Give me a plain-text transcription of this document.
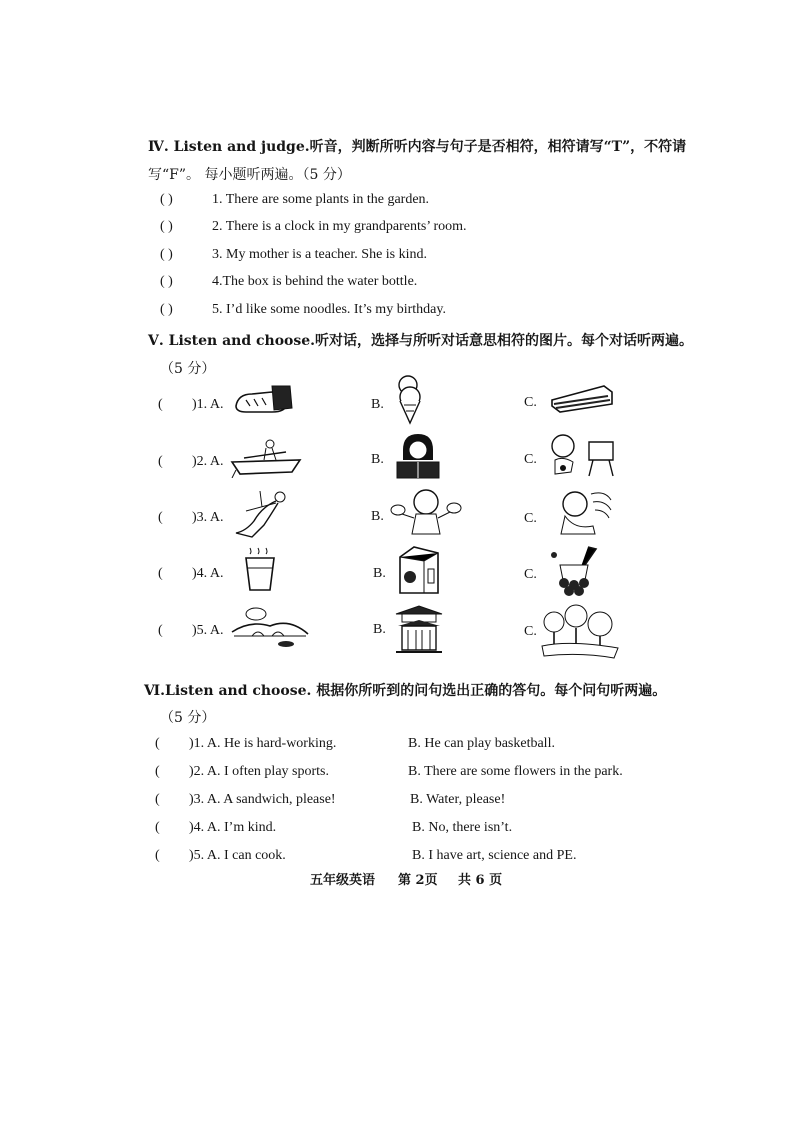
Ⅳ. Listen and judge.听音，判断所听内容与句子是否相符，相符请写“T”，不符请
写“F”。 每小题听两遍。（5 分）
( )	1. There are some plants in the garden.
( )	2. There is a clock in my grandparents’ room.
( )	3. My mother is a teacher. She is kind.
( )	4.The box is behind the water bottle.
( )	5. I’d like some noodles. It’s my birthday.
Ⅴ. Listen and choose.听对话，选择与所听对话意思相符的图片。每个对话听两遍。
（5 分）
( )1. A.	B.	C.
( )2. A.	B.	C.
( )3. A.	B.	C.
( )4. A.	B.	C.
( )5. A.	B.	C.
Ⅵ.Listen and choose. 根据你所听到的问句选出正确的答句。每个问句听两遍。
（5 分）
( )1. A. He is hard-working.	B. He can play basketball.
( )2. A. I often play sports.	B. There are some flowers in the park.
( )3. A. A sandwich, please!	B. Water, please!
( )4. A. I’m kind.	B. No, there isn’t.
( )5. A. I can cook.	B. I have art, science and PE.
五年级英语 第 2页 共 6 页
